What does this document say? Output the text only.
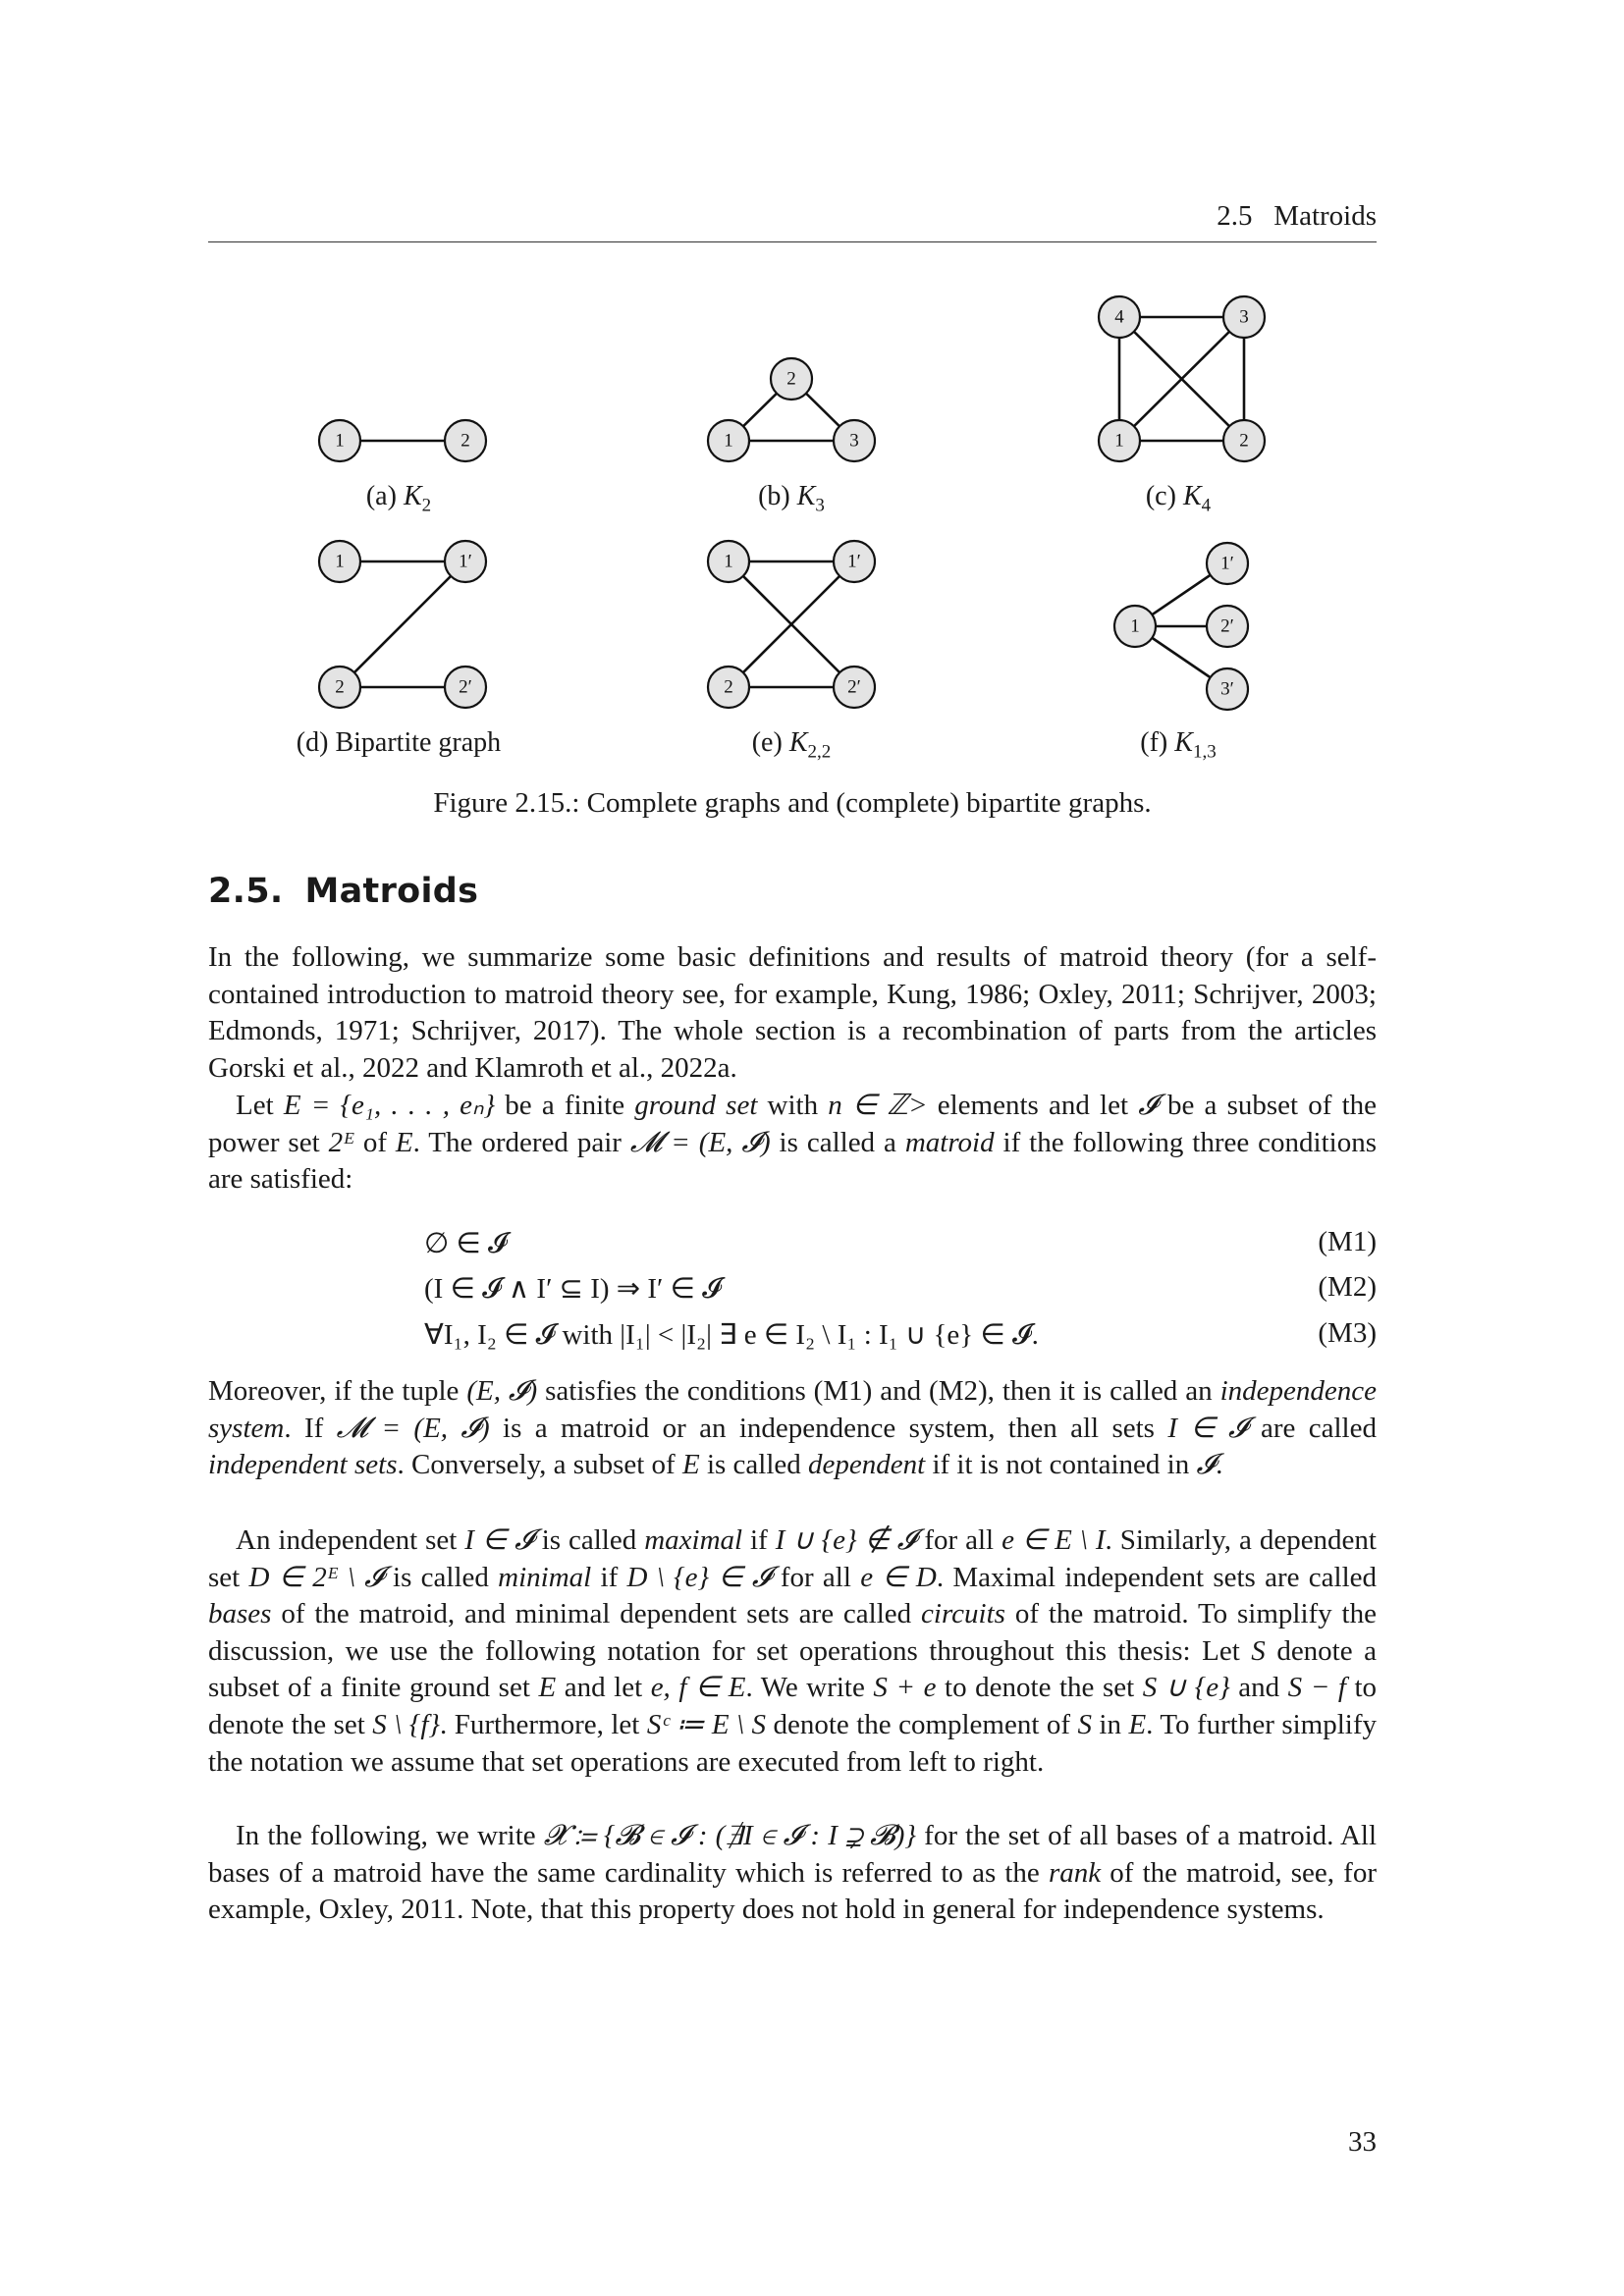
2.5 Matroids
1	2	1
2
3	1	2
3
4
1	1′
2	2′
1	1′
2	2′
1
1′
2′
3′
(a) $K_2$	(b) $K_3$	(c) $K_4$
(d) Bipartite graph	(e) $K_{2,2}$	(f) $K_{1,3}$
Figure 2.15.: Complete graphs and (complete) bipartite graphs.
2.5. Matroids

In the following, we summarize some basic definitions and results of matroid theory (for a self-contained introduction to matroid theory see, for example, Kung, 1986; Oxley, 2011; Schrijver, 2003; Edmonds, 1971; Schrijver, 2017). The whole section is a recombination of parts from the articles Gorski et al., 2022 and Klamroth et al., 2022a.

Let E = {e₁, . . . , eₙ} be a finite ground set with n ∈ ℤ> elements and let 𝓘 be a subset of the power set 2ᴱ of E. The ordered pair 𝓜 = (E, 𝓘) is called a matroid if the following three conditions are satisfied:

∅ ∈ 𝓘	(M1)
(I ∈ 𝓘 ∧ I′ ⊆ I) ⇒ I′ ∈ 𝓘	(M2)
∀I₁, I₂ ∈ 𝓘 with |I₁| < |I₂| ∃ e ∈ I₂ \ I₁ : I₁ ∪ {e} ∈ 𝓘.	(M3)

Moreover, if the tuple (E, 𝓘) satisfies the conditions (M1) and (M2), then it is called an independence system. If 𝓜 = (E, 𝓘) is a matroid or an independence system, then all sets I ∈ 𝓘 are called independent sets. Conversely, a subset of E is called dependent if it is not contained in 𝓘.

An independent set I ∈ 𝓘 is called maximal if I ∪ {e} ∉ 𝓘 for all e ∈ E \ I. Similarly, a dependent set D ∈ 2ᴱ \ 𝓘 is called minimal if D \ {e} ∈ 𝓘 for all e ∈ D. Maximal independent sets are called bases of the matroid, and minimal dependent sets are called circuits of the matroid. To simplify the discussion, we use the following notation for set operations throughout this thesis: Let S denote a subset of a finite ground set E and let e, f ∈ E. We write S + e to denote the set S ∪ {e} and S − f to denote the set S \ {f}. Furthermore, let Sᶜ ≔ E \ S denote the complement of S in E. To further simplify the notation we assume that set operations are executed from left to right.

In the following, we write 𝓧 ≔ {𝓑 ∈ 𝓘 : (∄I ∈ 𝓘 : I ⊋ 𝓑)} for the set of all bases of a matroid. All bases of a matroid have the same cardinality which is referred to as the rank of the matroid, see, for example, Oxley, 2011. Note, that this property does not hold in general for independence systems.

33
